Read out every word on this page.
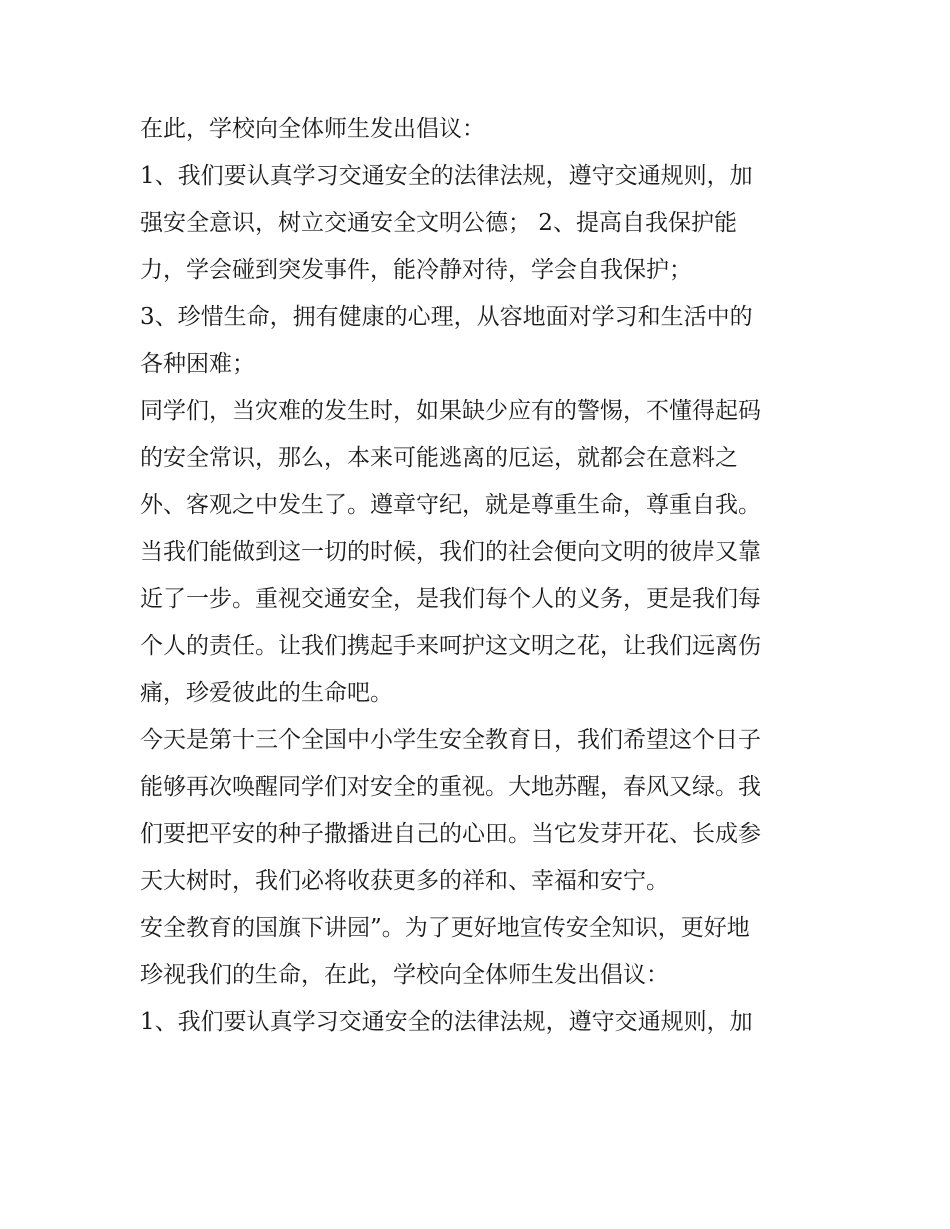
在此，学校向全体师生发出倡议：
1、我们要认真学习交通安全的法律法规，遵守交通规则，加
强安全意识，树立交通安全文明公德； 2、提高自我保护能
力，学会碰到突发事件，能冷静对待，学会自我保护；
3、珍惜生命，拥有健康的心理，从容地面对学习和生活中的
各种困难；
同学们，当灾难的发生时，如果缺少应有的警惕，不懂得起码
的安全常识，那么，本来可能逃离的厄运，就都会在意料之
外、客观之中发生了。遵章守纪，就是尊重生命，尊重自我。
当我们能做到这一切的时候，我们的社会便向文明的彼岸又靠
近了一步。重视交通安全，是我们每个人的义务，更是我们每
个人的责任。让我们携起手来呵护这文明之花，让我们远离伤
痛，珍爱彼此的生命吧。
今天是第十三个全国中小学生安全教育日，我们希望这个日子
能够再次唤醒同学们对安全的重视。大地苏醒，春风又绿。我
们要把平安的种子撒播进自己的心田。当它发芽开花、长成参
天大树时，我们必将收获更多的祥和、幸福和安宁。
安全教育的国旗下讲园”。为了更好地宣传安全知识，更好地
珍视我们的生命，在此，学校向全体师生发出倡议：
1、我们要认真学习交通安全的法律法规，遵守交通规则，加
